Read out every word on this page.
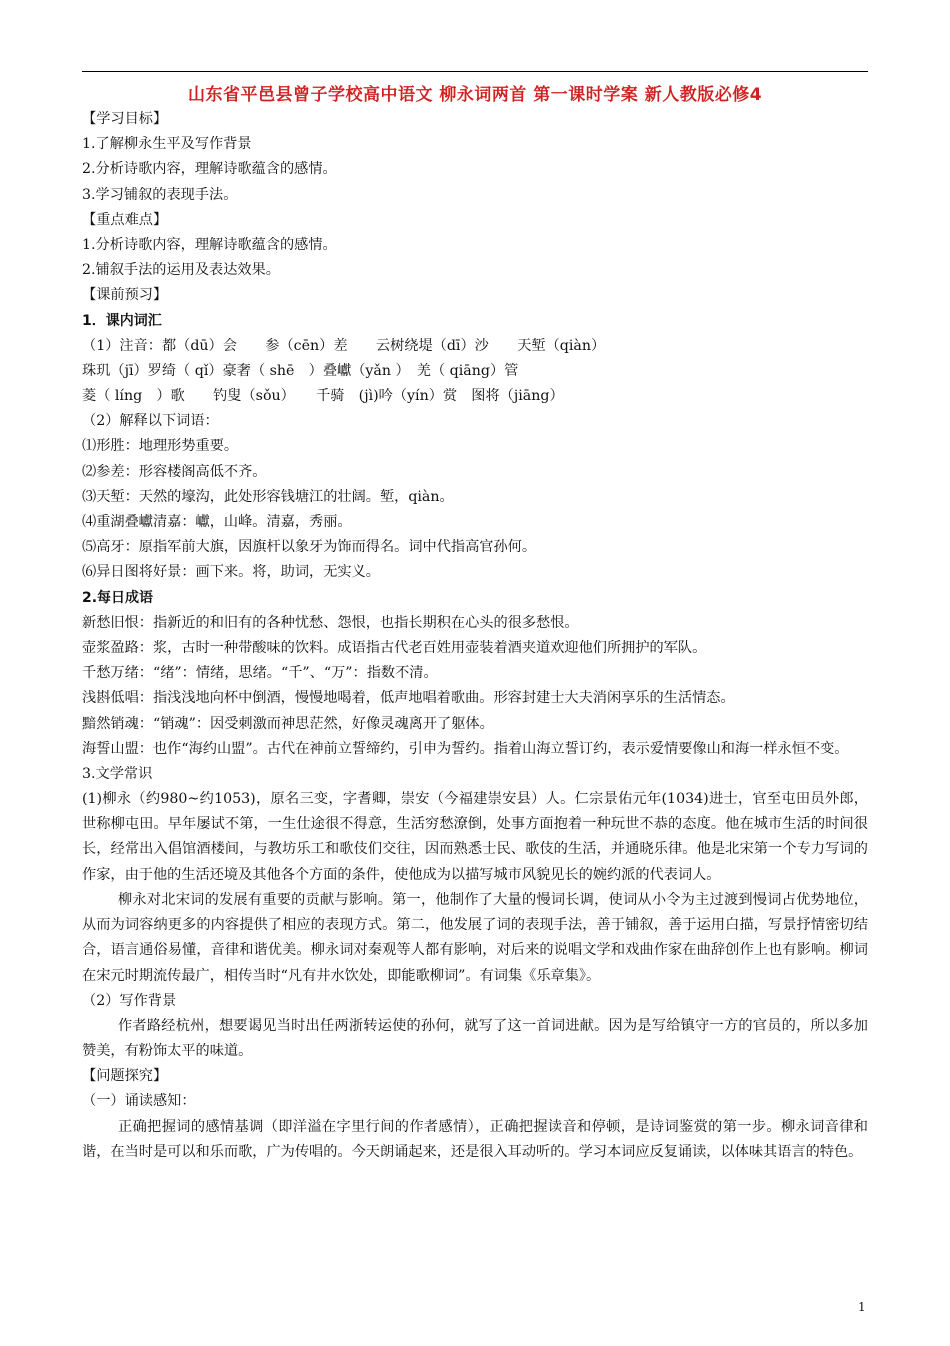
山东省平邑县曾子学校高中语文 柳永词两首 第一课时学案 新人教版必修4
【学习目标】
1.了解柳永生平及写作背景
2.分析诗歌内容，理解诗歌蕴含的感情。
3.学习铺叙的表现手法。
【重点难点】
1.分析诗歌内容，理解诗歌蕴含的感情。
2.铺叙手法的运用及表达效果。
【课前预习】
1．课内词汇
（1）注音：都（dū）会　　参（cēn）差　　云树绕堤（dī）沙　　天堑（qiàn）
珠玑（jī）罗绮（ qǐ）豪奢（ shē　）叠巘（yǎn ）　羌（ qiāng）管
菱（ líng　）歌　　钓叟（sǒu）　　千骑　(jì)吟（yín）赏　图将（jiāng）
（2）解释以下词语：
⑴形胜：地理形势重要。
⑵参差：形容楼阁高低不齐。
⑶天堑：天然的壕沟，此处形容钱塘江的壮阔。堑，qiàn。
⑷重湖叠巘清嘉：巘，山峰。清嘉，秀丽。
⑸高牙：原指军前大旗，因旗杆以象牙为饰而得名。词中代指高官孙何。
⑹异日图将好景：画下来。将，助词，无实义。
2.每日成语
新愁旧恨：指新近的和旧有的各种忧愁、怨恨，也指长期积在心头的很多愁恨。
壶浆盈路：浆，古时一种带酸味的饮料。成语指古代老百姓用壶装着酒夹道欢迎他们所拥护的军队。
千愁万绪：“绪”：情绪，思绪。“千”、“万”：指数不清。
浅斟低唱：指浅浅地向杯中倒酒，慢慢地喝着，低声地唱着歌曲。形容封建士大夫消闲享乐的生活情态。
黯然销魂：“销魂”：因受刺激而神思茫然，好像灵魂离开了躯体。
海誓山盟：也作“海约山盟”。古代在神前立誓缔约，引申为誓约。指着山海立誓订约，表示爱情要像山和海一样永恒不变。
3.文学常识
(1)柳永（约980~约1053)，原名三变，字耆卿，崇安（今福建崇安县）人。仁宗景佑元年(1034)进士，官至屯田员外郎，世称柳屯田。早年屡试不第，一生仕途很不得意，生活穷愁潦倒，处事方面抱着一种玩世不恭的态度。他在城市生活的时间很长，经常出入倡馆酒楼间，与教坊乐工和歌伎们交往，因而熟悉士民、歌伎的生活，并通晓乐律。他是北宋第一个专力写词的作家，由于他的生活还境及其他各个方面的条件，使他成为以描写城市风貌见长的婉约派的代表词人。
柳永对北宋词的发展有重要的贡献与影响。第一，他制作了大量的慢词长调，使词从小令为主过渡到慢词占优势地位，从而为词容纳更多的内容提供了相应的表现方式。第二，他发展了词的表现手法，善于铺叙，善于运用白描，写景抒情密切结合，语言通俗易懂，音律和谐优美。柳永词对秦观等人都有影响，对后来的说唱文学和戏曲作家在曲辞创作上也有影响。柳词在宋元时期流传最广，相传当时“凡有井水饮处，即能歌柳词”。有词集《乐章集》。
（2）写作背景
作者路经杭州，想要谒见当时出任两浙转运使的孙何，就写了这一首词进献。因为是写给镇守一方的官员的，所以多加赞美，有粉饰太平的味道。
【问题探究】
（一）诵读感知：
正确把握词的感情基调（即洋溢在字里行间的作者感情），正确把握读音和停顿，是诗词鉴赏的第一步。柳永词音律和谐，在当时是可以和乐而歌，广为传唱的。今天朗诵起来，还是很入耳动听的。学习本词应反复诵读，以体味其语言的特色。
1
